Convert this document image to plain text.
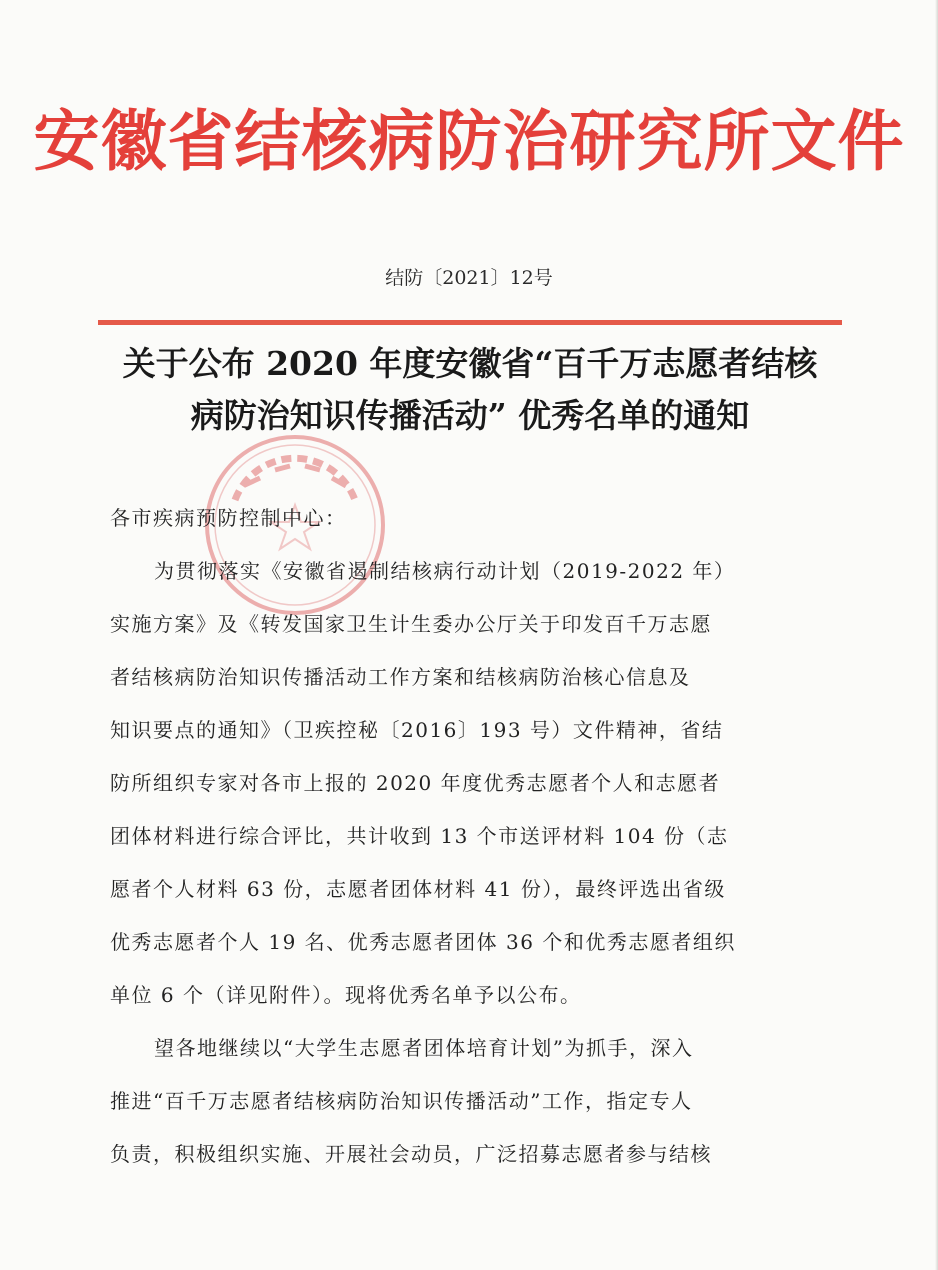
安徽省结核病防治研究所文件
结防〔2021〕12号
关于公布 2020 年度安徽省“百千万志愿者结核
病防治知识传播活动” 优秀名单的通知
各市疾病预防控制中心：
为贯彻落实《安徽省遏制结核病行动计划（2019-2022 年）
实施方案》及《转发国家卫生计生委办公厅关于印发百千万志愿
者结核病防治知识传播活动工作方案和结核病防治核心信息及
知识要点的通知》（卫疾控秘〔2016〕193 号）文件精神，省结
防所组织专家对各市上报的 2020 年度优秀志愿者个人和志愿者
团体材料进行综合评比，共计收到 13 个市送评材料 104 份（志
愿者个人材料 63 份，志愿者团体材料 41 份），最终评选出省级
优秀志愿者个人 19 名、优秀志愿者团体 36 个和优秀志愿者组织
单位 6 个（详见附件）。现将优秀名单予以公布。
望各地继续以“大学生志愿者团体培育计划”为抓手，深入
推进“百千万志愿者结核病防治知识传播活动”工作，指定专人
负责，积极组织实施、开展社会动员，广泛招募志愿者参与结核
